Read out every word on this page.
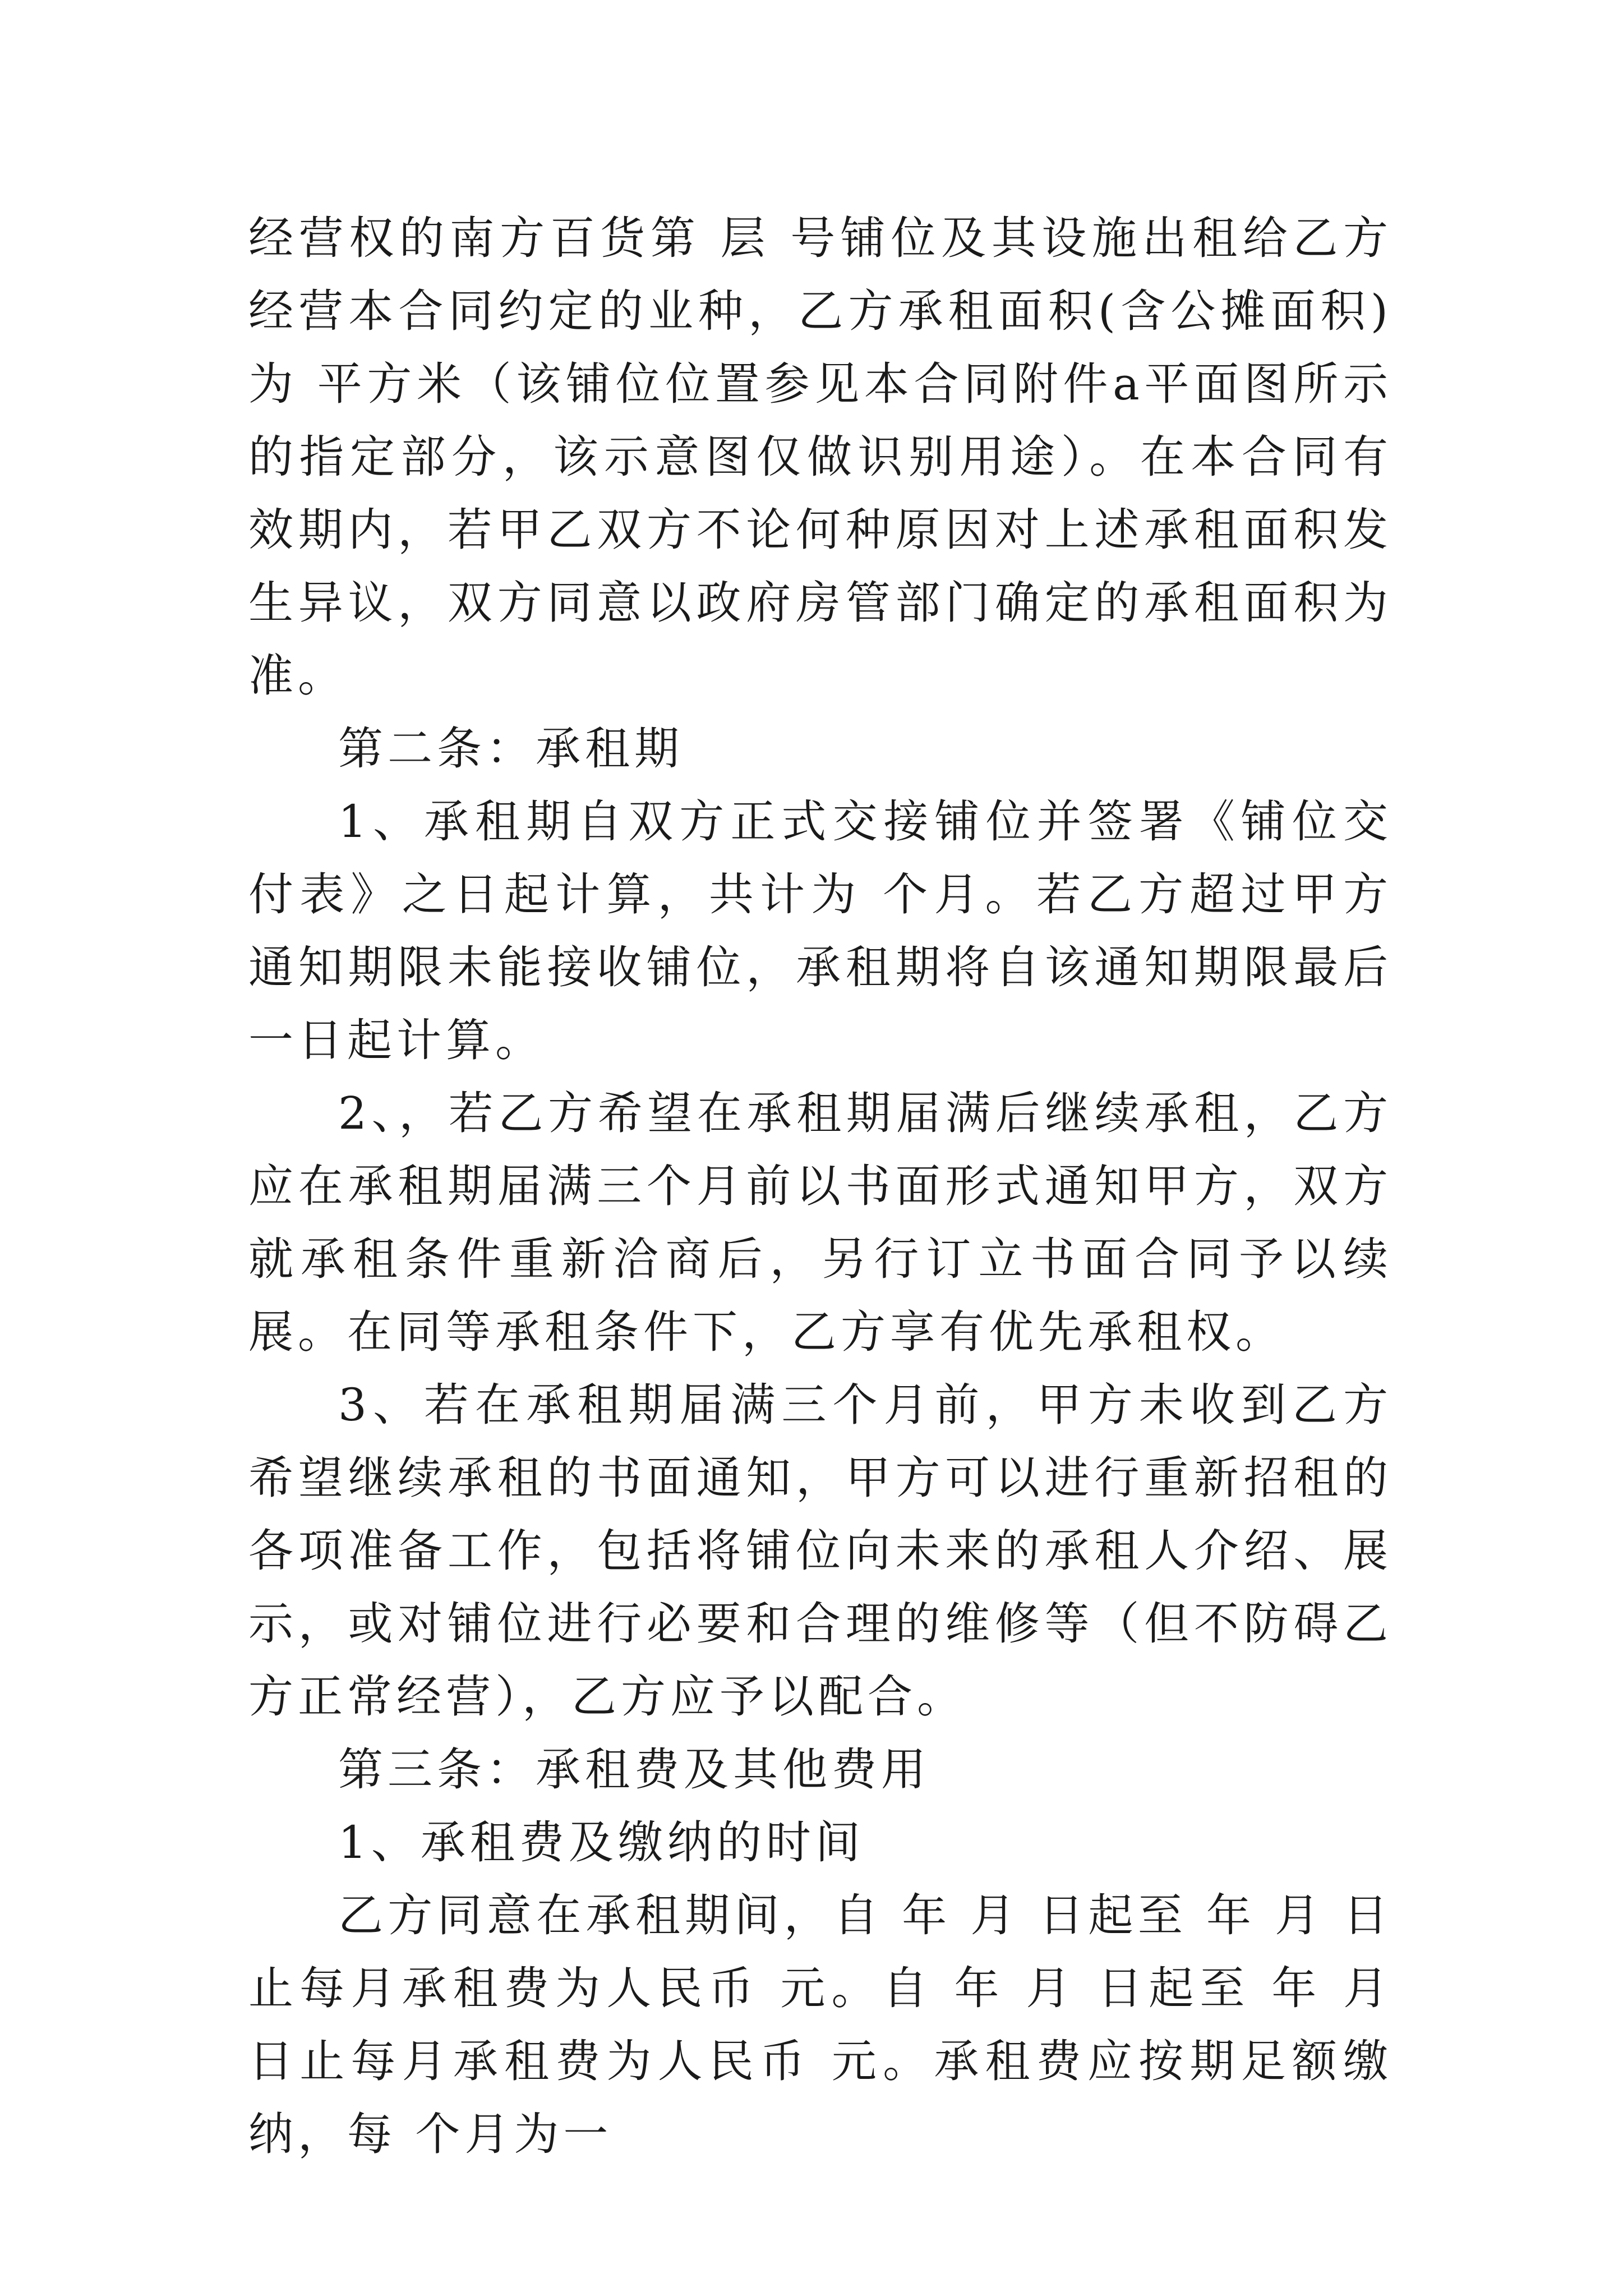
经营权的南方百货第 层 号铺位及其设施出租给乙方经营本合同约定的业种，乙方承租面积(含公摊面积)为 平方米（该铺位位置参见本合同附件a平面图所示的指定部分，该示意图仅做识别用途）。在本合同有效期内，若甲乙双方不论何种原因对上述承租面积发生异议，双方同意以政府房管部门确定的承租面积为准。

第二条：承租期

1、承租期自双方正式交接铺位并签署《铺位交付表》之日起计算，共计为 个月。若乙方超过甲方通知期限未能接收铺位，承租期将自该通知期限最后一日起计算。

2、，若乙方希望在承租期届满后继续承租，乙方应在承租期届满三个月前以书面形式通知甲方，双方就承租条件重新洽商后，另行订立书面合同予以续展。在同等承租条件下，乙方享有优先承租权。

3、若在承租期届满三个月前，甲方未收到乙方希望继续承租的书面通知，甲方可以进行重新招租的各项准备工作，包括将铺位向未来的承租人介绍、展示，或对铺位进行必要和合理的维修等（但不防碍乙方正常经营），乙方应予以配合。

第三条：承租费及其他费用

1、承租费及缴纳的时间

乙方同意在承租期间，自 年 月 日起至 年 月 日止每月承租费为人民币 元。自 年 月 日起至 年 月 日止每月承租费为人民币 元。承租费应按期足额缴纳，每 个月为一
